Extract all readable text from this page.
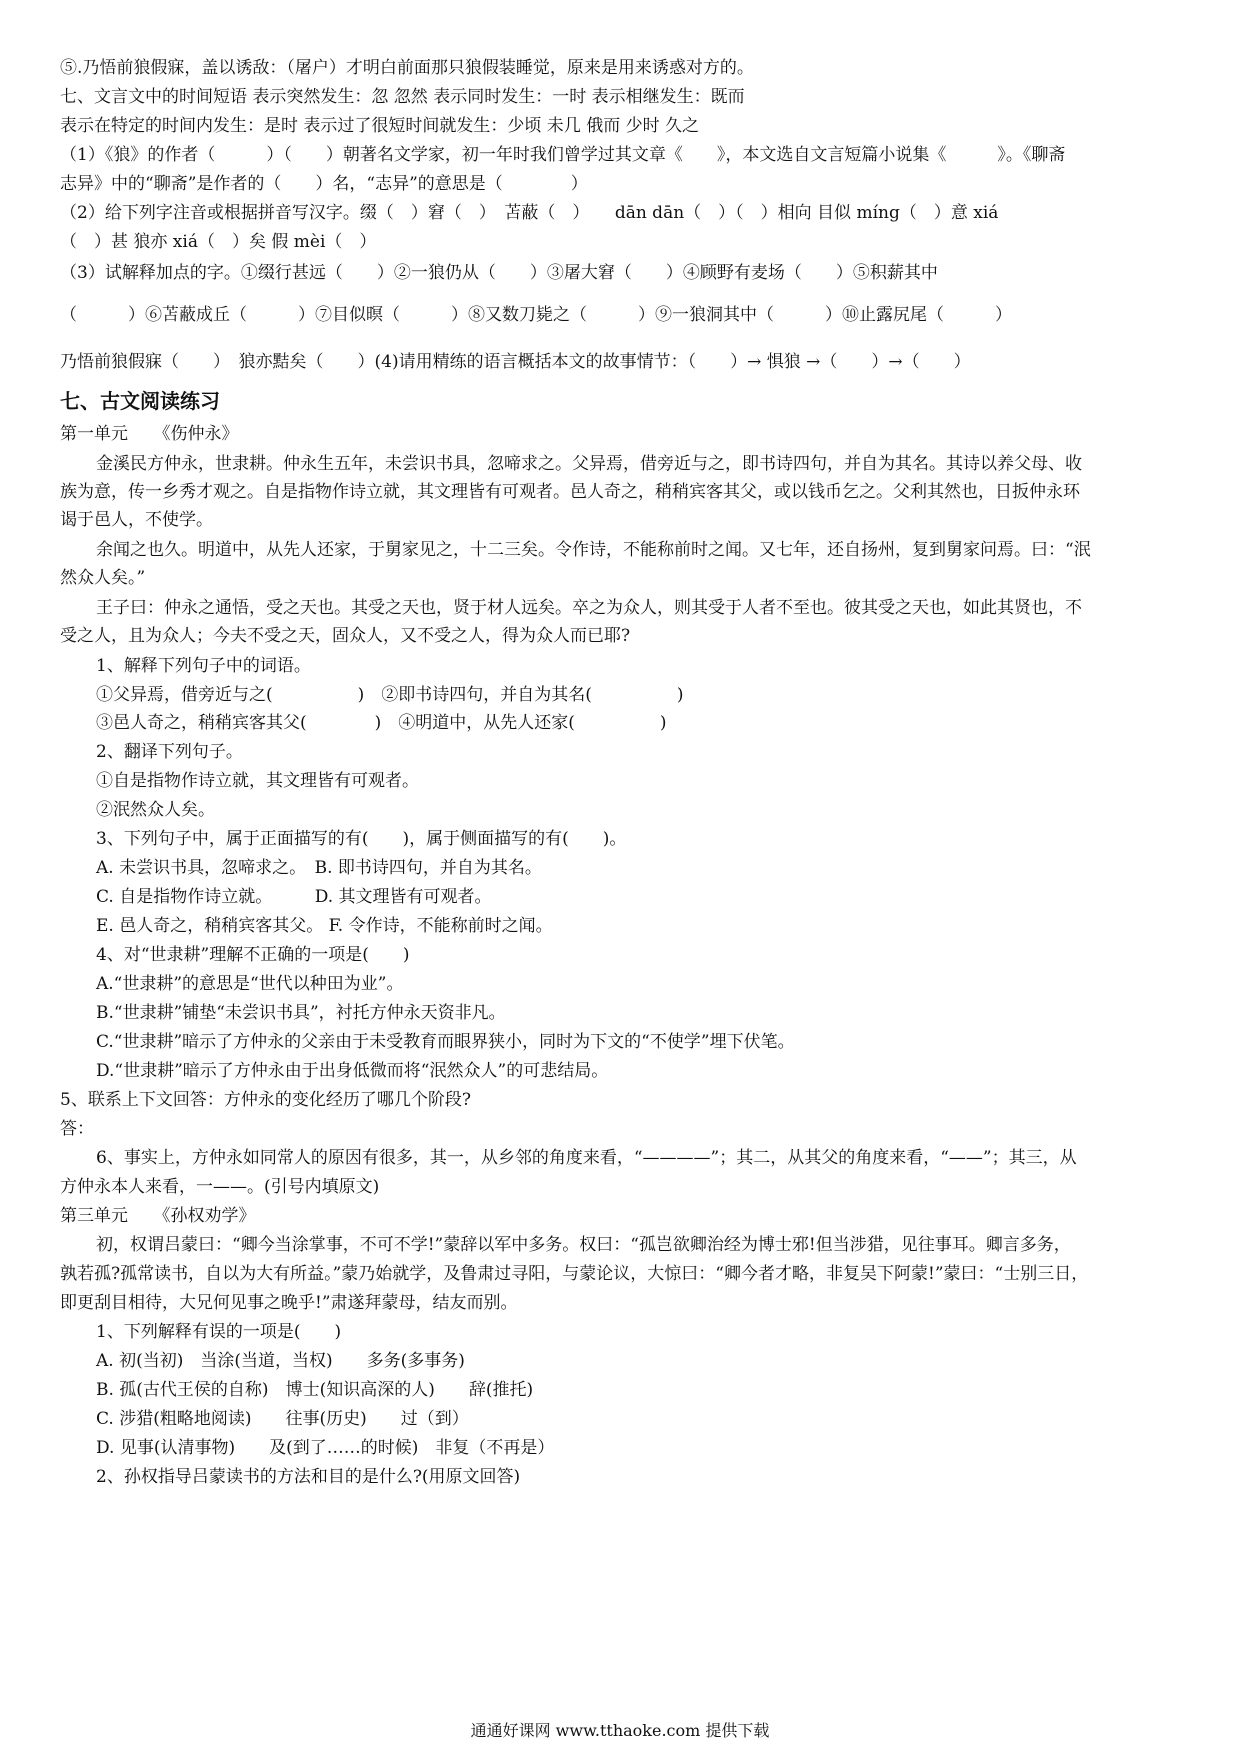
⑤.乃悟前狼假寐，盖以诱敌：（屠户）才明白前面那只狼假装睡觉，原来是用来诱惑对方的。
七、文言文中的时间短语 表示突然发生：忽 忽然 表示同时发生：一时 表示相继发生：既而
表示在特定的时间内发生：是时 表示过了很短时间就发生：少顷 未几 俄而 少时 久之
（1）《狼》的作者（　　　）（　　）朝著名文学家，初一年时我们曾学过其文章《　　》，本文选自文言短篇小说集《　　　》。《聊斋
志异》中的“聊斋”是作者的（　　）名，“志异”的意思是（　　　　）
（2）给下列字注音或根据拼音写汉字。缀（　）窘（　）　苫蔽（　）　　dān dān（　）（　）相向 目似 míng（　）意 xiá
（　）甚 狼亦 xiá（　）矣 假 mèi（　）
（3）试解释加点的字。①缀行甚远（　　）②一狼仍从（　　）③屠大窘（　　）④顾野有麦场（　　）⑤积薪其中
（　　　）⑥苫蔽成丘（　　　）⑦目似暝（　　　）⑧又数刀毙之（　　　）⑨一狼洞其中（　　　）⑩止露尻尾（　　　）
乃悟前狼假寐（　　）　狼亦黠矣（　　）(4)请用精练的语言概括本文的故事情节：（　　）→ 惧狼 →（　　）→（　　）
七、古文阅读练习
第一单元　　《伤仲永》
金溪民方仲永，世隶耕。仲永生五年，未尝识书具，忽啼求之。父异焉，借旁近与之，即书诗四句，并自为其名。其诗以养父母、收
族为意，传一乡秀才观之。自是指物作诗立就，其文理皆有可观者。邑人奇之，稍稍宾客其父，或以钱币乞之。父利其然也，日扳仲永环
谒于邑人，不使学。
余闻之也久。明道中，从先人还家，于舅家见之，十二三矣。令作诗，不能称前时之闻。又七年，还自扬州，复到舅家问焉。曰：“泯
然众人矣。”
王子曰：仲永之通悟，受之天也。其受之天也，贤于材人远矣。卒之为众人，则其受于人者不至也。彼其受之天也，如此其贤也，不
受之人，且为众人；今夫不受之天，固众人，又不受之人，得为众人而已耶?
1、解释下列句子中的词语。
①父异焉，借旁近与之(　　　　　)　②即书诗四句，并自为其名(　　　　　)
③邑人奇之，稍稍宾客其父(　　　　)　④明道中，从先人还家(　　　　　)
2、翻译下列句子。
①自是指物作诗立就，其文理皆有可观者。
②泯然众人矣。
3、下列句子中，属于正面描写的有(　　)，属于侧面描写的有(　　)。
A. 未尝识书具，忽啼求之。　B. 即书诗四句，并自为其名。
C. 自是指物作诗立就。　　　D. 其文理皆有可观者。
E. 邑人奇之，稍稍宾客其父。 F. 令作诗，不能称前时之闻。
4、对“世隶耕”理解不正确的一项是(　　)
A.“世隶耕”的意思是“世代以种田为业”。
B.“世隶耕”铺垫“未尝识书具”，衬托方仲永天资非凡。
C.“世隶耕”暗示了方仲永的父亲由于未受教育而眼界狭小，同时为下文的“不使学”埋下伏笔。
D.“世隶耕”暗示了方仲永由于出身低微而将“泯然众人”的可悲结局。
5、联系上下文回答：方仲永的变化经历了哪几个阶段?
答：
6、事实上，方仲永如同常人的原因有很多，其一，从乡邻的角度来看，“————”；其二，从其父的角度来看，“——”；其三，从
方仲永本人来看，一——。(引号内填原文)
第三单元　　《孙权劝学》
初，权谓吕蒙曰：“卿今当涂掌事，不可不学!”蒙辞以军中多务。权曰：“孤岂欲卿治经为博士邪!但当涉猎，见往事耳。卿言多务，
孰若孤?孤常读书，自以为大有所益。”蒙乃始就学，及鲁肃过寻阳，与蒙论议，大惊曰：“卿今者才略，非复吴下阿蒙!”蒙曰：“士别三日，
即更刮目相待，大兄何见事之晚乎!”肃遂拜蒙母，结友而别。
1、下列解释有误的一项是(　　)
A. 初(当初)　当涂(当道，当权)　　多务(多事务)
B. 孤(古代王侯的自称)　博士(知识高深的人)　　辞(推托)
C. 涉猎(粗略地阅读)　　往事(历史)　　过（到）
D. 见事(认清事物)　　及(到了……的时候)　非复（不再是）
2、孙权指导吕蒙读书的方法和目的是什么?(用原文回答)
通通好课网 www.tthaoke.com 提供下载
